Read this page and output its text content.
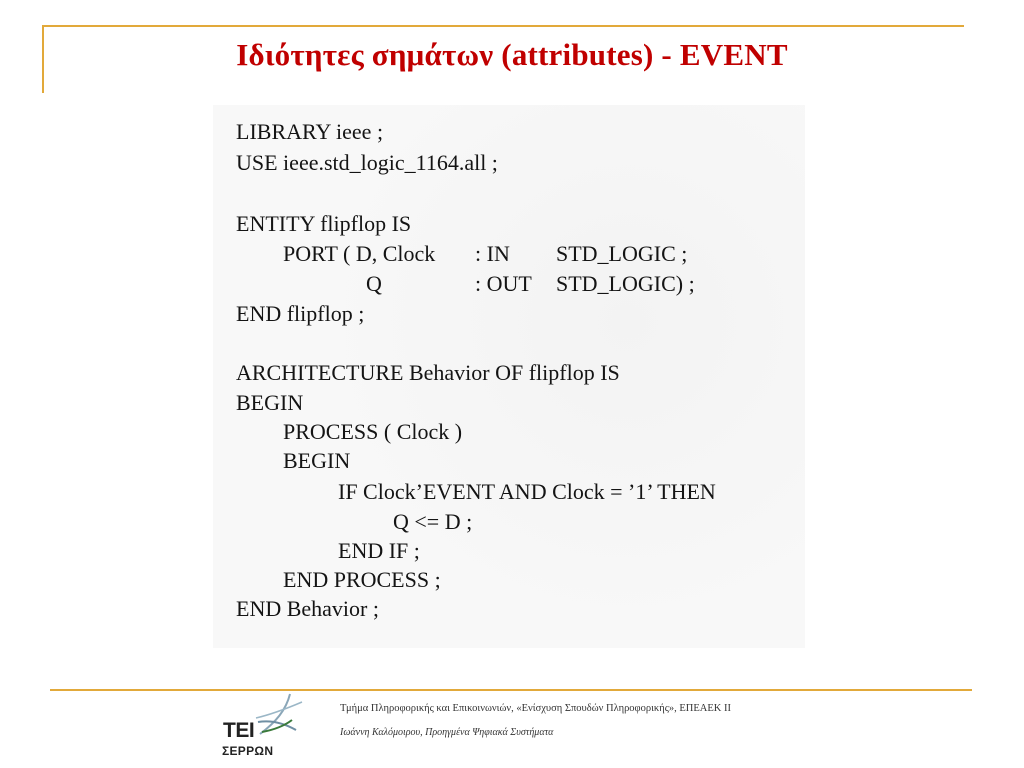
Ιδιότητες σημάτων (attributes) - EVENT
LIBRARY ieee ;
USE ieee.std_logic_1164.all ;
ENTITY flipflop IS
PORT ( D, Clock : IN STD_LOGIC ;
Q	: OUT STD_LOGIC) ;
END flipflop ;
ARCHITECTURE Behavior OF flipflop IS
BEGIN
PROCESS ( Clock )
BEGIN
IF Clock’EVENT AND Clock = ’1’ THEN
Q <= D ;
END IF ;
END PROCESS ;
END Behavior ;
ΤΕΙ
ΣΕΡΡΩΝ
Τμήμα Πληροφορικής και Επικοινωνιών, «Ενίσχυση Σπουδών Πληροφορικής», ΕΠΕΑΕΚ ΙΙ
Ιωάννη Καλόμοιρου, Προηγμένα Ψηφιακά Συστήματα
